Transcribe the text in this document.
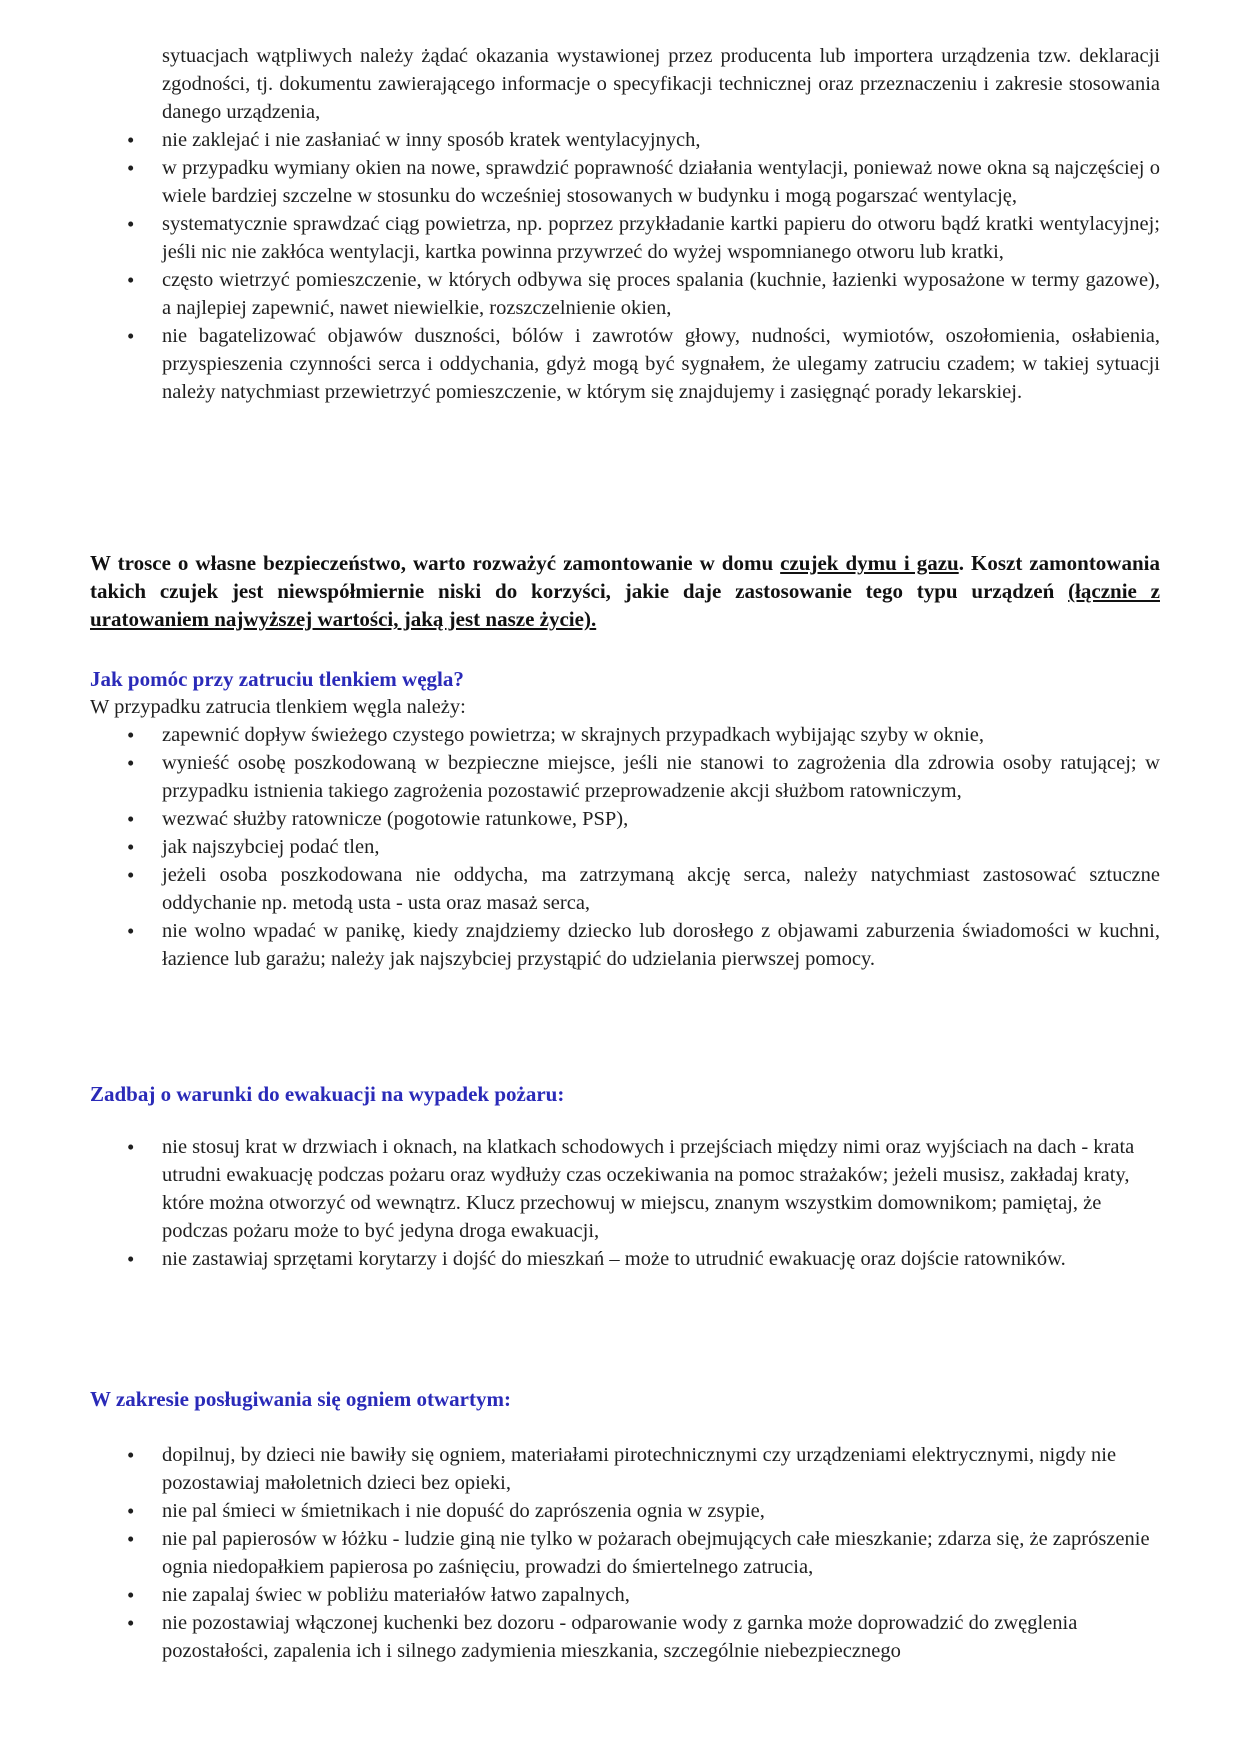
sytuacjach wątpliwych należy żądać okazania wystawionej przez producenta lub importera urządzenia tzw. deklaracji zgodności, tj. dokumentu zawierającego informacje o specyfikacji technicznej oraz przeznaczeniu i zakresie stosowania danego urządzenia,
• nie zaklejać i nie zasłaniać w inny sposób kratek wentylacyjnych,
• w przypadku wymiany okien na nowe, sprawdzić poprawność działania wentylacji, ponieważ nowe okna są najczęściej o wiele bardziej szczelne w stosunku do wcześniej stosowanych w budynku i mogą pogarszać wentylację,
• systematycznie sprawdzać ciąg powietrza, np. poprzez przykładanie kartki papieru do otworu bądź kratki wentylacyjnej; jeśli nic nie zakłóca wentylacji, kartka powinna przywrzeć do wyżej wspomnianego otworu lub kratki,
• często wietrzyć pomieszczenie, w których odbywa się proces spalania (kuchnie, łazienki wyposażone w termy gazowe), a najlepiej zapewnić, nawet niewielkie, rozszczelnienie okien,
• nie bagatelizować objawów duszności, bólów i zawrotów głowy, nudności, wymiotów, oszołomienia, osłabienia, przyspieszenia czynności serca i oddychania, gdyż mogą być sygnałem, że ulegamy zatruciu czadem; w takiej sytuacji należy natychmiast przewietrzyć pomieszczenie, w którym się znajdujemy i zasięgnąć porady lekarskiej.
W trosce o własne bezpieczeństwo, warto rozważyć zamontowanie w domu czujek dymu i gazu. Koszt zamontowania takich czujek jest niewspółmiernie niski do korzyści, jakie daje zastosowanie tego typu urządzeń (łącznie z uratowaniem najwyższej wartości, jaką jest nasze życie).
Jak pomóc przy zatruciu tlenkiem węgla?

W przypadku zatrucia tlenkiem węgla należy:

• zapewnić dopływ świeżego czystego powietrza; w skrajnych przypadkach wybijając szyby w oknie,
• wynieść osobę poszkodowaną w bezpieczne miejsce, jeśli nie stanowi to zagrożenia dla zdrowia osoby ratującej; w przypadku istnienia takiego zagrożenia pozostawić przeprowadzenie akcji służbom ratowniczym,
• wezwać służby ratownicze (pogotowie ratunkowe, PSP),
• jak najszybciej podać tlen,
• jeżeli osoba poszkodowana nie oddycha, ma zatrzymaną akcję serca, należy natychmiast zastosować sztuczne oddychanie np. metodą usta - usta oraz masaż serca,
• nie wolno wpadać w panikę, kiedy znajdziemy dziecko lub dorosłego z objawami zaburzenia świadomości w kuchni, łazience lub garażu; należy jak najszybciej przystąpić do udzielania pierwszej pomocy.
Zadbaj o warunki do ewakuacji na wypadek pożaru:
• nie stosuj krat w drzwiach i oknach, na klatkach schodowych i przejściach między nimi oraz wyjściach na dach - krata utrudni ewakuację podczas pożaru oraz wydłuży czas oczekiwania na pomoc strażaków; jeżeli musisz, zakładaj kraty, które można otworzyć od wewnątrz. Klucz przechowuj w miejscu, znanym wszystkim domownikom; pamiętaj, że podczas pożaru może to być jedyna droga ewakuacji,
• nie zastawiaj sprzętami korytarzy i dojść do mieszkań – może to utrudnić ewakuację oraz dojście ratowników.
W zakresie posługiwania się ogniem otwartym:
• dopilnuj, by dzieci nie bawiły się ogniem, materiałami pirotechnicznymi czy urządzeniami elektrycznymi, nigdy nie pozostawiaj małoletnich dzieci bez opieki,
• nie pal śmieci w śmietnikach i nie dopuść do zaprószenia ognia w zsypie,
• nie pal papierosów w łóżku - ludzie giną nie tylko w pożarach obejmujących całe mieszkanie; zdarza się, że zaprószenie ognia niedopałkiem papierosa po zaśnięciu, prowadzi do śmiertelnego zatrucia,
• nie zapalaj świec w pobliżu materiałów łatwo zapalnych,
• nie pozostawiaj włączonej kuchenki bez dozoru - odparowanie wody z garnka może doprowadzić do zwęglenia pozostałości, zapalenia ich i silnego zadymienia mieszkania, szczególnie niebezpiecznego
